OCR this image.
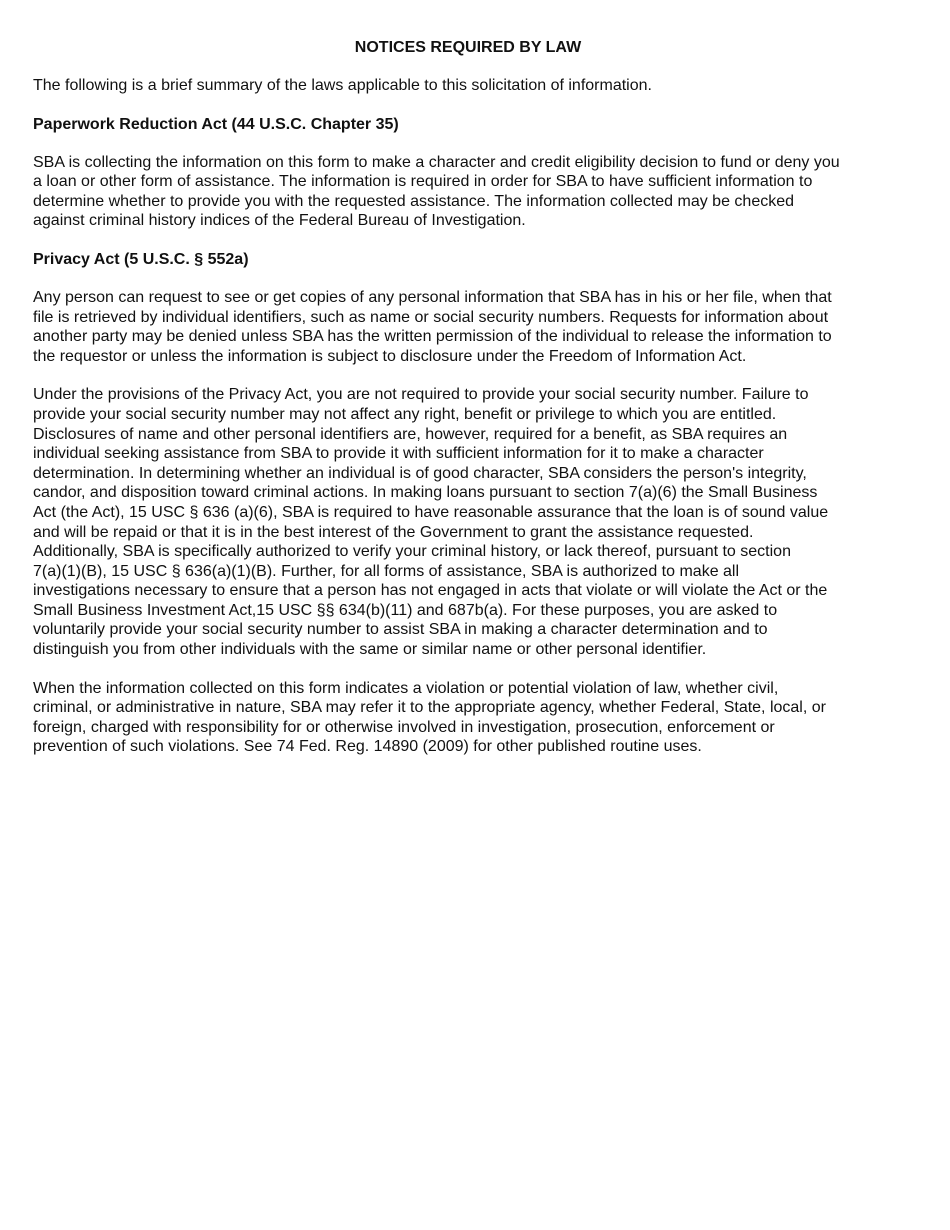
NOTICES REQUIRED BY LAW
The following is a brief summary of the laws applicable to this solicitation of information.
Paperwork Reduction Act (44 U.S.C. Chapter 35)
SBA is collecting the information on this form to make a character and credit eligibility decision to fund or deny you
a loan or other form of assistance. The information is required in order for SBA to have sufficient information to
determine whether to provide you with the requested assistance. The information collected may be checked
against criminal history indices of the Federal Bureau of Investigation.
Privacy Act (5 U.S.C. § 552a)
Any person can request to see or get copies of any personal information that SBA has in his or her file, when that
file is retrieved by individual identifiers, such as name or social security numbers. Requests for information about
another party may be denied unless SBA has the written permission of the individual to release the information to
the requestor or unless the information is subject to disclosure under the Freedom of Information Act.
Under the provisions of the Privacy Act, you are not required to provide your social security number. Failure to
provide your social security number may not affect any right, benefit or privilege to which you are entitled.
Disclosures of name and other personal identifiers are, however, required for a benefit, as SBA requires an
individual seeking assistance from SBA to provide it with sufficient information for it to make a character
determination. In determining whether an individual is of good character, SBA considers the person's integrity,
candor, and disposition toward criminal actions. In making loans pursuant to section 7(a)(6) the Small Business
Act (the Act), 15 USC § 636 (a)(6), SBA is required to have reasonable assurance that the loan is of sound value
and will be repaid or that it is in the best interest of the Government to grant the assistance requested.
Additionally, SBA is specifically authorized to verify your criminal history, or lack thereof, pursuant to section
7(a)(1)(B), 15 USC § 636(a)(1)(B). Further, for all forms of assistance, SBA is authorized to make all
investigations necessary to ensure that a person has not engaged in acts that violate or will violate the Act or the
Small Business Investment Act,15 USC §§ 634(b)(11) and 687b(a). For these purposes, you are asked to
voluntarily provide your social security number to assist SBA in making a character determination and to
distinguish you from other individuals with the same or similar name or other personal identifier.
When the information collected on this form indicates a violation or potential violation of law, whether civil,
criminal, or administrative in nature, SBA may refer it to the appropriate agency, whether Federal, State, local, or
foreign, charged with responsibility for or otherwise involved in investigation, prosecution, enforcement or
prevention of such violations. See 74 Fed. Reg. 14890 (2009) for other published routine uses.
